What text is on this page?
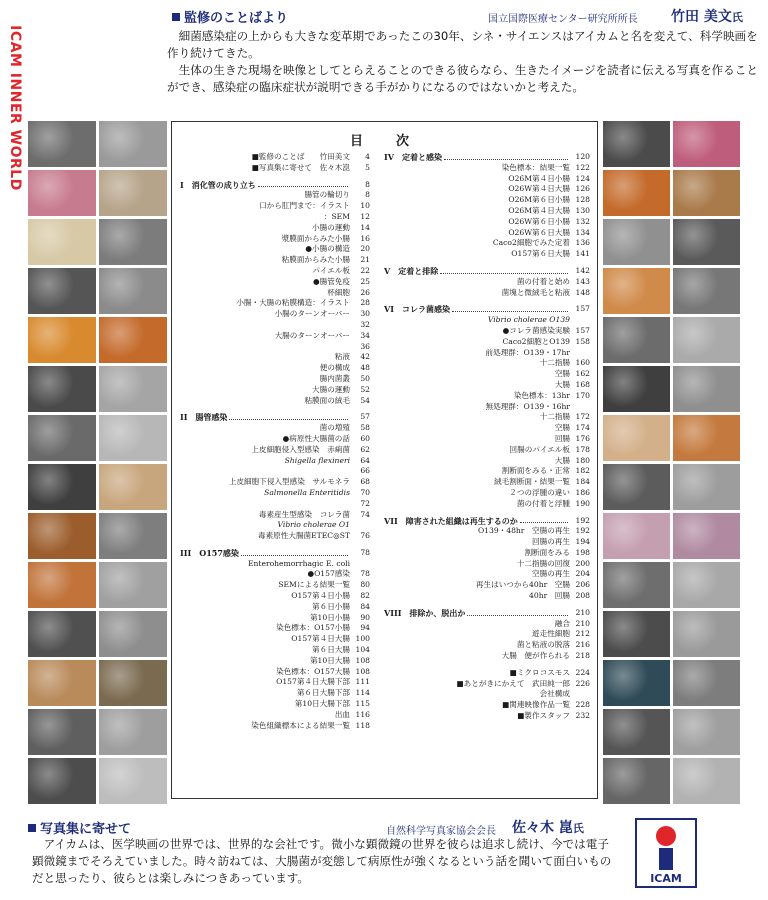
ICAM INNER WORLD
監修のことばより	国立国際医療センター研究所所長 竹田 美文氏

細菌感染症の上からも大きな変革期であったこの30年、シネ・サイエンスはアイカムと名を変えて、科学映画を作り続けてきた。

生体の生きた現場を映像としてとらえることのできる彼らなら、生きたイメージを読者に伝える写真を作ることができ、感染症の臨床症状が説明できる手がかりになるのではないかと考えた。

目　次
■監修のことば　　竹田美文	4
■写真集に寄せて　佐々木崑	5
I　消化管の成り立ち	8
腸管の輪切り	8
口から肛門まで：イラスト	10
：SEM	12
小腸の運動	14
漿膜面からみた小腸	16
●小腸の構造	20
粘膜面からみた小腸	21
パイエル板	22
●腸管免疫	25
杯細胞	26
小腸・大腸の粘膜構造：イラスト	28
小腸のターンオーバー	30
32
大腸のターンオーバー	34
36
粘液	42
便の構成	48
腸内菌叢	50
大腸の運動	52
粘膜面の絨毛	54
II　腸管感染	57
菌の増殖	58
●病原性大腸菌の話	60
上皮細胞侵入型感染　赤痢菌	62
Shigella flexineri	64
66
上皮細胞下侵入型感染　サルモネラ	68
Salmonella Enteritidis	70
72
毒素産生型感染　コレラ菌	74
Vibrio cholerae O1
毒素原性大腸菌ETEC◎ST	76
III　O157感染	78
Enterohemorrhagic E. coli
●O157感染	78
SEMによる結果一覧	80
O157第４日小腸	82
第６日小腸	84
第10日小腸	90
染色標本：O157小腸	94
O157第４日大腸 100
第６日大腸 104
第10日大腸 108
染色標本：O157大腸 108
O157第４日大腸下部 111
第６日大腸下部 114
第10日大腸下部 115
出血 116
染色組織標本による結果一覧 118
IV　定着と感染	120
染色標本：結果一覧 122
O26M第４日小腸 124
O26W第４日大腸 126
O26M第６日小腸 128
O26M第４日大腸 130
O26W第６日小腸 132
O26W第６日大腸 134
Caco2細胞でみた定着 136
O157第６日大腸 141
V　定着と排除	142
菌の付着と始め 143
菌塊と微絨毛と粘液 148
VI　コレラ菌感染	157
Vibrio cholerae O139
●コレラ菌感染実験 157
Caco2細胞とO139 158
前処理群：O139・17hr
十二指腸 160
空腸 162
大腸 168
染色標本：13hr 170
無処理群：O139・16hr
十二指腸 172
空腸 174
回腸 176
回腸のパイエル板 178
大腸 180
割断面をみる・正常 182
絨毛割断面・結果一覧 184
２つの浮腫の違い 186
菌の付着と浮腫 190
VII　障害された組織は再生するのか	192
O139・48hr　空腸の再生 192
回腸の再生 194
割断面をみる 198
十二指腸の回復 200
空腸の再生 204
再生はいつから40hr　空腸 206
40hr　回腸 208
VIII　排除か、脱出か	210
融合 210
遊走性細胞 212
菌と粘液の脱落 216
大腸　便が作られる 218
■ミクロコスモス 224
■あとがきにかえて　武田純一郎 226
会社構成
■関連映像作品一覧 228
■製作スタッフ 232
写真集に寄せて	自然科学写真家協会会長 佐々木 崑氏
アイカムは、医学映画の世界では、世界的な会社です。微小な顕微鏡の世界を彼らは追求し続け、今では電子顕微鏡までそろえていました。時々訪ねては、大腸菌が変態して病原性が強くなるという話を聞いて面白いものだと思ったり、彼らとは楽しみにつきあっています。	ICAM
